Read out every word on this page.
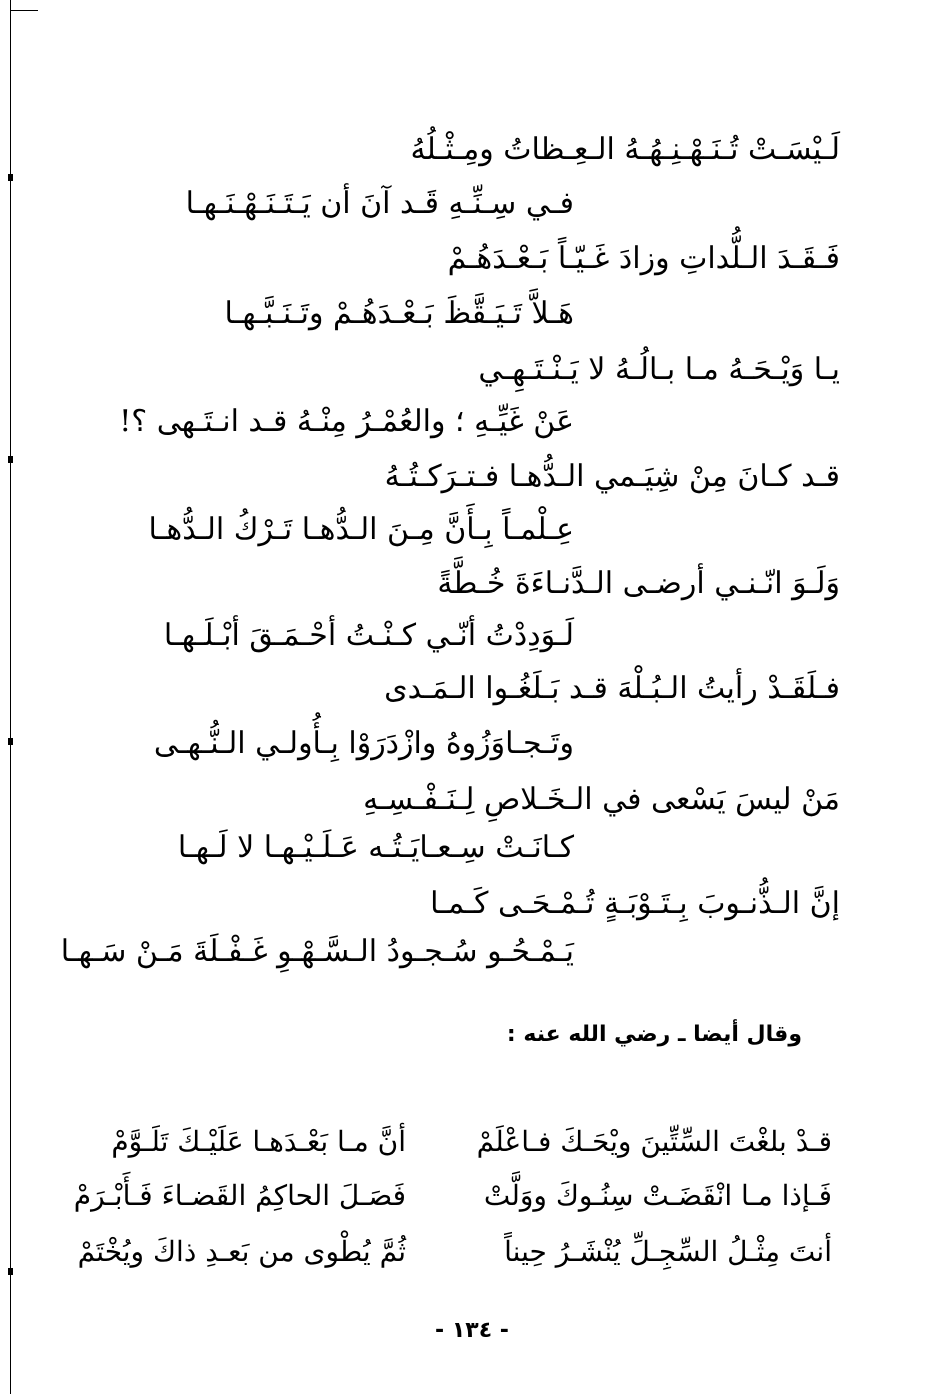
لَـيْسَـتْ تُـنَـهْـنِـهُـهُ الـعِـظاتُ ومِـثْـلُهُ
فـي سِـنِّـهِ قَـد آنَ أن يَـتَـنَـهْـنَـهـا
فَـقَـدَ الـلُّداتِ وزادَ غَـيّـاً بَـعْـدَهُـمْ
هَـلاَّ تَـيَـقَّظَ بَـعْـدَهُـمْ وتَـنَـبَّـهـا
يـا وَيْـحَـهُ مـا بـالُـهُ لا يَـنْـتَـهِـي
عَنْ غَيِّـهِ ؛ والعُمْـرُ مِنْـهُ قـد انـتَـهى ؟!
قـد كـانَ مِنْ شِيَـمي الـدُّهـا فـتـرَكـتُـهُ
عِـلْمـاً بِـأَنَّ مِـنَ الـدُّهـا تَـرْكُ الـدُّهـا
وَلَـوَ انّـنـي أرضـى الـدَّنـاءَةَ خُـطَّةً
لَـوَدِدْتُ أنّـي كـنْـتُ أحْـمَـقَ أبْـلَـهـا
فـلَقَـدْ رأيتُ الـبُـلْهَ قـد بَـلَغُـوا الـمَـدى
وتَـجـاوَزُوهُ وازْدَرَوْا بِـأُولـي الـنُّـهـى
مَنْ ليسَ يَسْعى في الـخَـلاصِ لِـنَـفْـسِـهِ
كـانَـتْ سِـعـايَـتُـه عَـلَـيْـهـا لا لَـهـا
إنَّ الـذُّنـوبَ بِـتَـوْبَـةٍ تُـمْـحَـى كَـمـا
يَـمْـحُـو سُـجـودُ الـسَّـهْـوِ غَـفْـلَةَ مَـنْ سَـهـا
وقال أيضا ـ رضي الله عنه :
قـدْ بلغْتَ السِّتِّينَ ويْحَـكَ فـاعْلَمْ
أنَّ مـا بَعْـدَهـا عَلَيْـكَ تَلَـوَّمْ
فَـإذا مـا انْقَضَـتْ سِنُـوكَ ووَلَّتْ
فَصَـلَ الحاكِمُ القَضـاءَ فَـأَبْـرَمْ
أنتَ مِثْـلُ السِّجِـلِّ يُنْشَـرُ حِيناً
ثُمَّ يُطْوى من بَعـدِ ذاكَ ويُخْتَمْ
- ١٣٤ -
